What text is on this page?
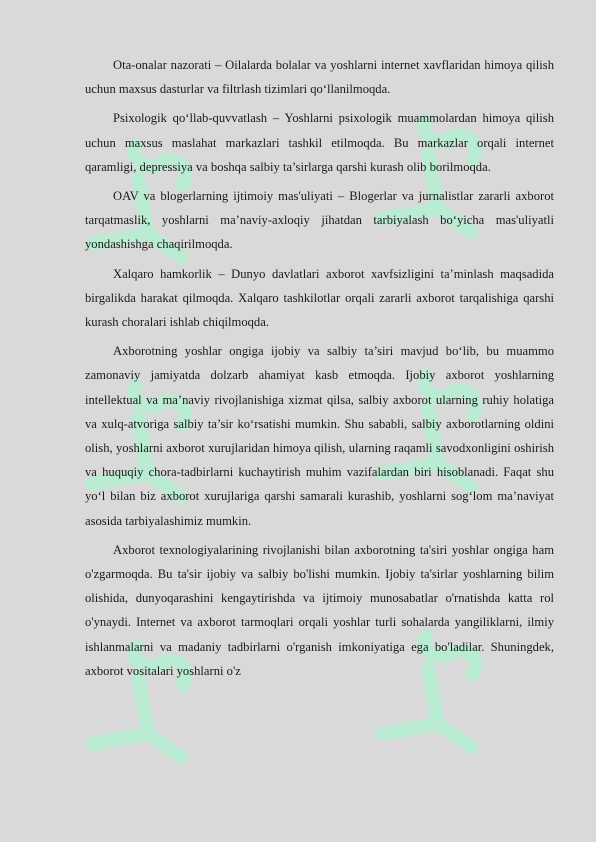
Ota-onalar nazorati – Oilalarda bolalar va yoshlarni internet xavflaridan himoya qilish uchun maxsus dasturlar va filtrlash tizimlari qo‘llanilmoqda.

Psixologik qo‘llab-quvvatlash – Yoshlarni psixologik muammolardan himoya qilish uchun maxsus maslahat markazlari tashkil etilmoqda. Bu markazlar orqali internet qaramligi, depressiya va boshqa salbiy ta’sirlarga qarshi kurash olib borilmoqda.

OAV va blogerlarning ijtimoiy mas'uliyati – Blogerlar va jurnalistlar zararli axborot tarqatmaslik, yoshlarni ma’naviy-axloqiy jihatdan tarbiyalash bo‘yicha mas'uliyatli yondashishga chaqirilmoqda.

Xalqaro hamkorlik – Dunyo davlatlari axborot xavfsizligini ta’minlash maqsadida birgalikda harakat qilmoqda. Xalqaro tashkilotlar orqali zararli axborot tarqalishiga qarshi kurash choralari ishlab chiqilmoqda.

Axborotning yoshlar ongiga ijobiy va salbiy ta’siri mavjud bo‘lib, bu muammo zamonaviy jamiyatda dolzarb ahamiyat kasb etmoqda. Ijobiy axborot yoshlarning intellektual va ma’naviy rivojlanishiga xizmat qilsa, salbiy axborot ularning ruhiy holatiga va xulq-atvoriga salbiy ta’sir ko‘rsatishi mumkin. Shu sababli, salbiy axborotlarning oldini olish, yoshlarni axborot xurujlaridan himoya qilish, ularning raqamli savodxonligini oshirish va huquqiy chora-tadbirlarni kuchaytirish muhim vazifalardan biri hisoblanadi. Faqat shu yo‘l bilan biz axborot xurujlariga qarshi samarali kurashib, yoshlarni sog‘lom ma’naviyat asosida tarbiyalashimiz mumkin.

Axborot texnologiyalarining rivojlanishi bilan axborotning ta'siri yoshlar ongiga ham o'zgarmoqda. Bu ta'sir ijobiy va salbiy bo'lishi mumkin. Ijobiy ta'sirlar yoshlarning bilim olishida, dunyoqarashini kengaytirishda va ijtimoiy munosabatlar o'rnatishda katta rol o'ynaydi. Internet va axborot tarmoqlari orqali yoshlar turli sohalarda yangiliklarni, ilmiy ishlanmalarni va madaniy tadbirlarni o'rganish imkoniyatiga ega bo'ladilar. Shuningdek, axborot vositalari yoshlarni o'z
